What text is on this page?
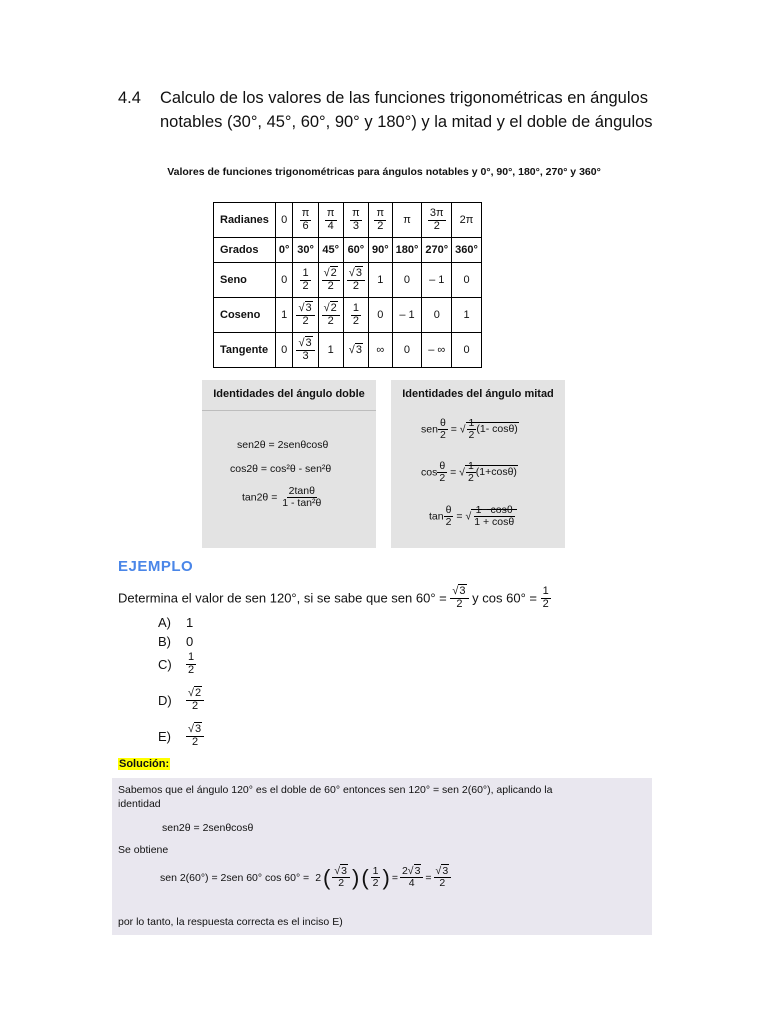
4.4 Calculo de los valores de las funciones trigonométricas en ángulos notables (30°, 45°, 60°, 90° y 180°) y la mitad y el doble de ángulos
Valores de funciones trigonométricas para ángulos notables y 0°, 90°, 180°, 270° y 360°
Radianes	0	$\frac{\pi}{6}$	$\frac{\pi}{4}$	$\frac{\pi}{3}$	$\frac{\pi}{2}$	π	$\frac{3\pi}{2}$	2π
Grados	0°	30°	45°	60°	90°	180°	270°	360°
Seno	0	$\frac{1}{2}$	$\frac{√2}{2}$	$\frac{√3}{2}$	1	0	– 1	0
Coseno	1	$\frac{√3}{2}$	$\frac{√2}{2}$	$\frac{1}{2}$	0	– 1	0	1
Tangente	0	$\frac{√3}{3}$	1	√3	∞	0	– ∞	0
Identidades del ángulo doble
sen2θ = 2senθcosθ
cos2θ = cos²θ - sen²θ
$\tan 2\theta = \frac{2\tan\theta}{\text{1 - tan²θ}}$
Identidades del ángulo mitad
sen $\frac{\theta}{2}$ = √ $\frac{1}{2} (1-$ cosθ)
$\cos \frac{\theta}{2}$ = √ $\frac{1}{2} (1+\cos\theta)$
$\tan \frac{\theta}{2}$ = √ $\frac{1- \cos\theta}{1 + \cos\theta}$
EJEMPLO
Determina el valor de sen 120°, si se sabe que sen $60^\circ = \frac{√3}{2}$ y $\cos 60^\circ = \frac{1}{2}$
A) 1
B) 0
$C) \frac{1}{2}$
$D) \frac{√2}{2}$
$E) \frac{√3}{2}$
Solución:
Sabemos que el ángulo 120° es el doble de 60° entonces sen 120° = sen 2(60°), aplicando la
identidad
sen2θ = 2senθcosθ
Se obtiene
sen 2(60°) = 2sen 60° cos 60° = 2 ( $\frac{√3}{2}$ ) ( $\frac{1}{2}$ ) = $\frac{2√3}{4} = \frac{√3}{2}$
por lo tanto, la respuesta correcta es el inciso E)
